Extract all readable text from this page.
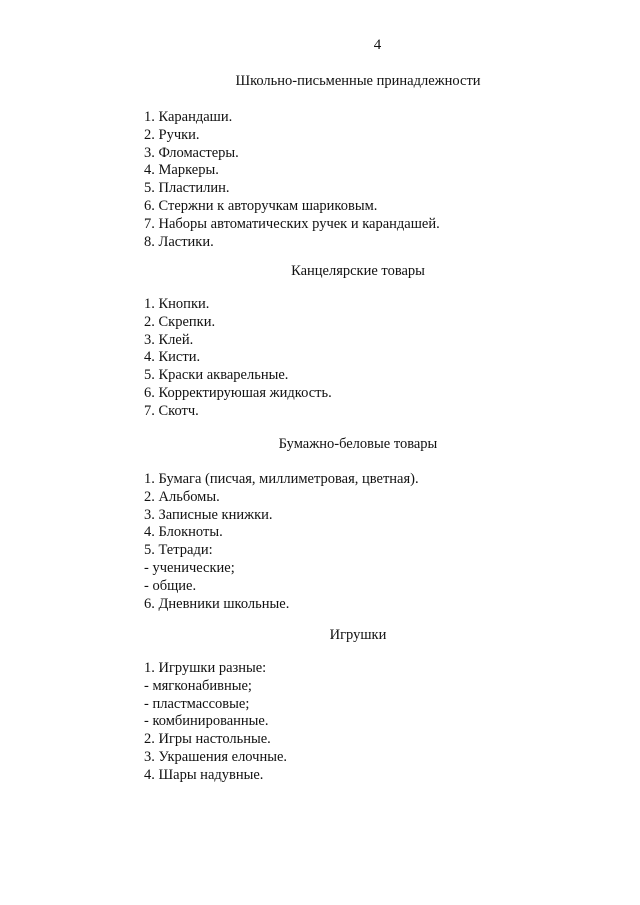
4
Школьно-письменные принадлежности
1. Карандаши.
2. Ручки.
3. Фломастеры.
4. Маркеры.
5. Пластилин.
6. Стержни к авторучкам шариковым.
7. Наборы автоматических ручек и карандашей.
8. Ластики.
Канцелярские товары
1. Кнопки.
2. Скрепки.
3. Клей.
4. Кисти.
5. Краски акварельные.
6. Корректируюшая жидкость.
7. Скотч.
Бумажно-беловые товары
1. Бумага (писчая, миллиметровая, цветная).
2. Альбомы.
3. Записные книжки.
4. Блокноты.
5. Тетради:
- ученические;
- общие.
6. Дневники школьные.
Игрушки
1. Игрушки разные:
- мягконабивные;
- пластмассовые;
- комбинированные.
2. Игры настольные.
3. Украшения елочные.
4. Шары надувные.
